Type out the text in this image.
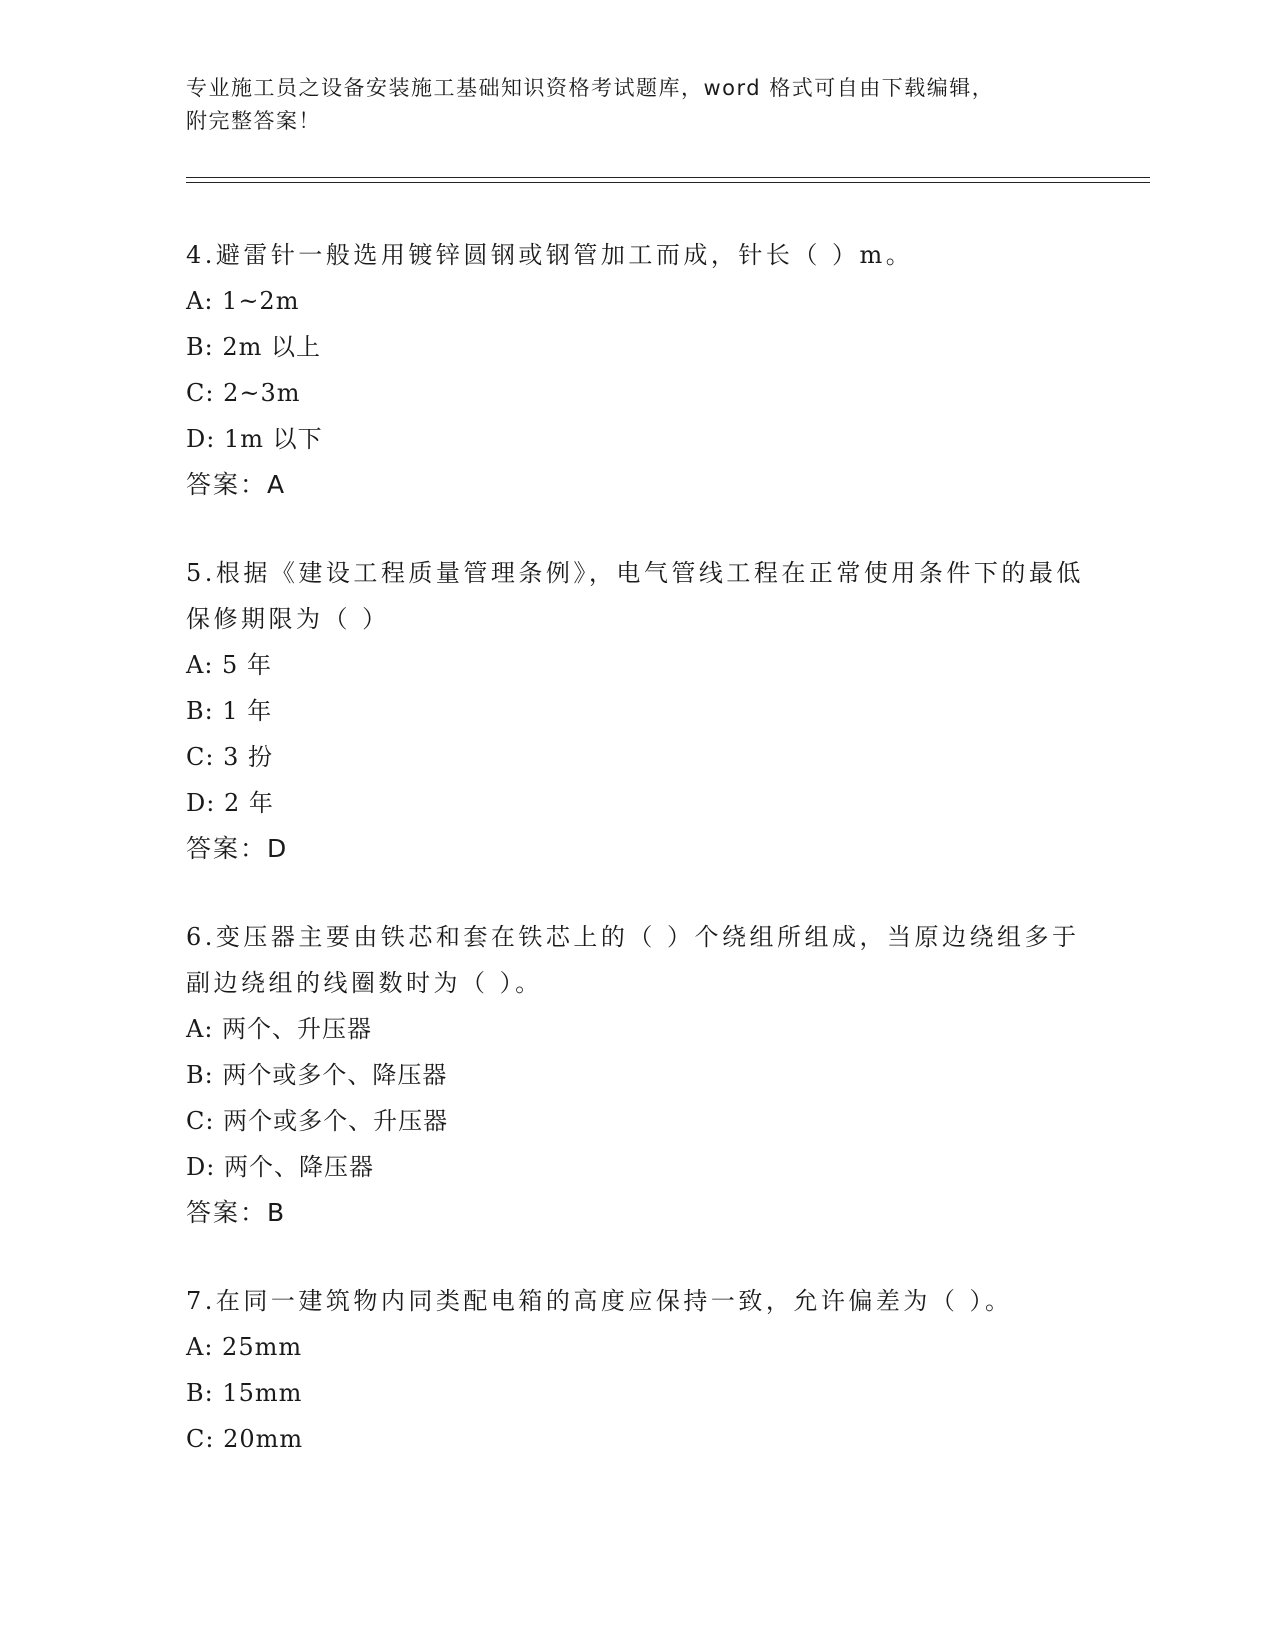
专业施工员之设备安装施工基础知识资格考试题库，word 格式可自由下载编辑，
附完整答案！

4.避雷针一般选用镀锌圆钢或钢管加工而成，针长（ ）m。

A: 1~2m

B: 2m 以上

C: 2~3m

D: 1m 以下

答案：A

5.根据《建设工程质量管理条例》，电气管线工程在正常使用条件下的最低保修期限为（ ）

A: 5 年

B: 1 年

C: 3 扮

D: 2 年

答案：D

6.变压器主要由铁芯和套在铁芯上的（ ）个绕组所组成，当原边绕组多于副边绕组的线圈数时为（ ）。

A: 两个、升压器

B: 两个或多个、降压器

C: 两个或多个、升压器

D: 两个、降压器

答案：B

7.在同一建筑物内同类配电箱的高度应保持一致，允许偏差为（ ）。

A: 25mm

B: 15mm

C: 20mm
